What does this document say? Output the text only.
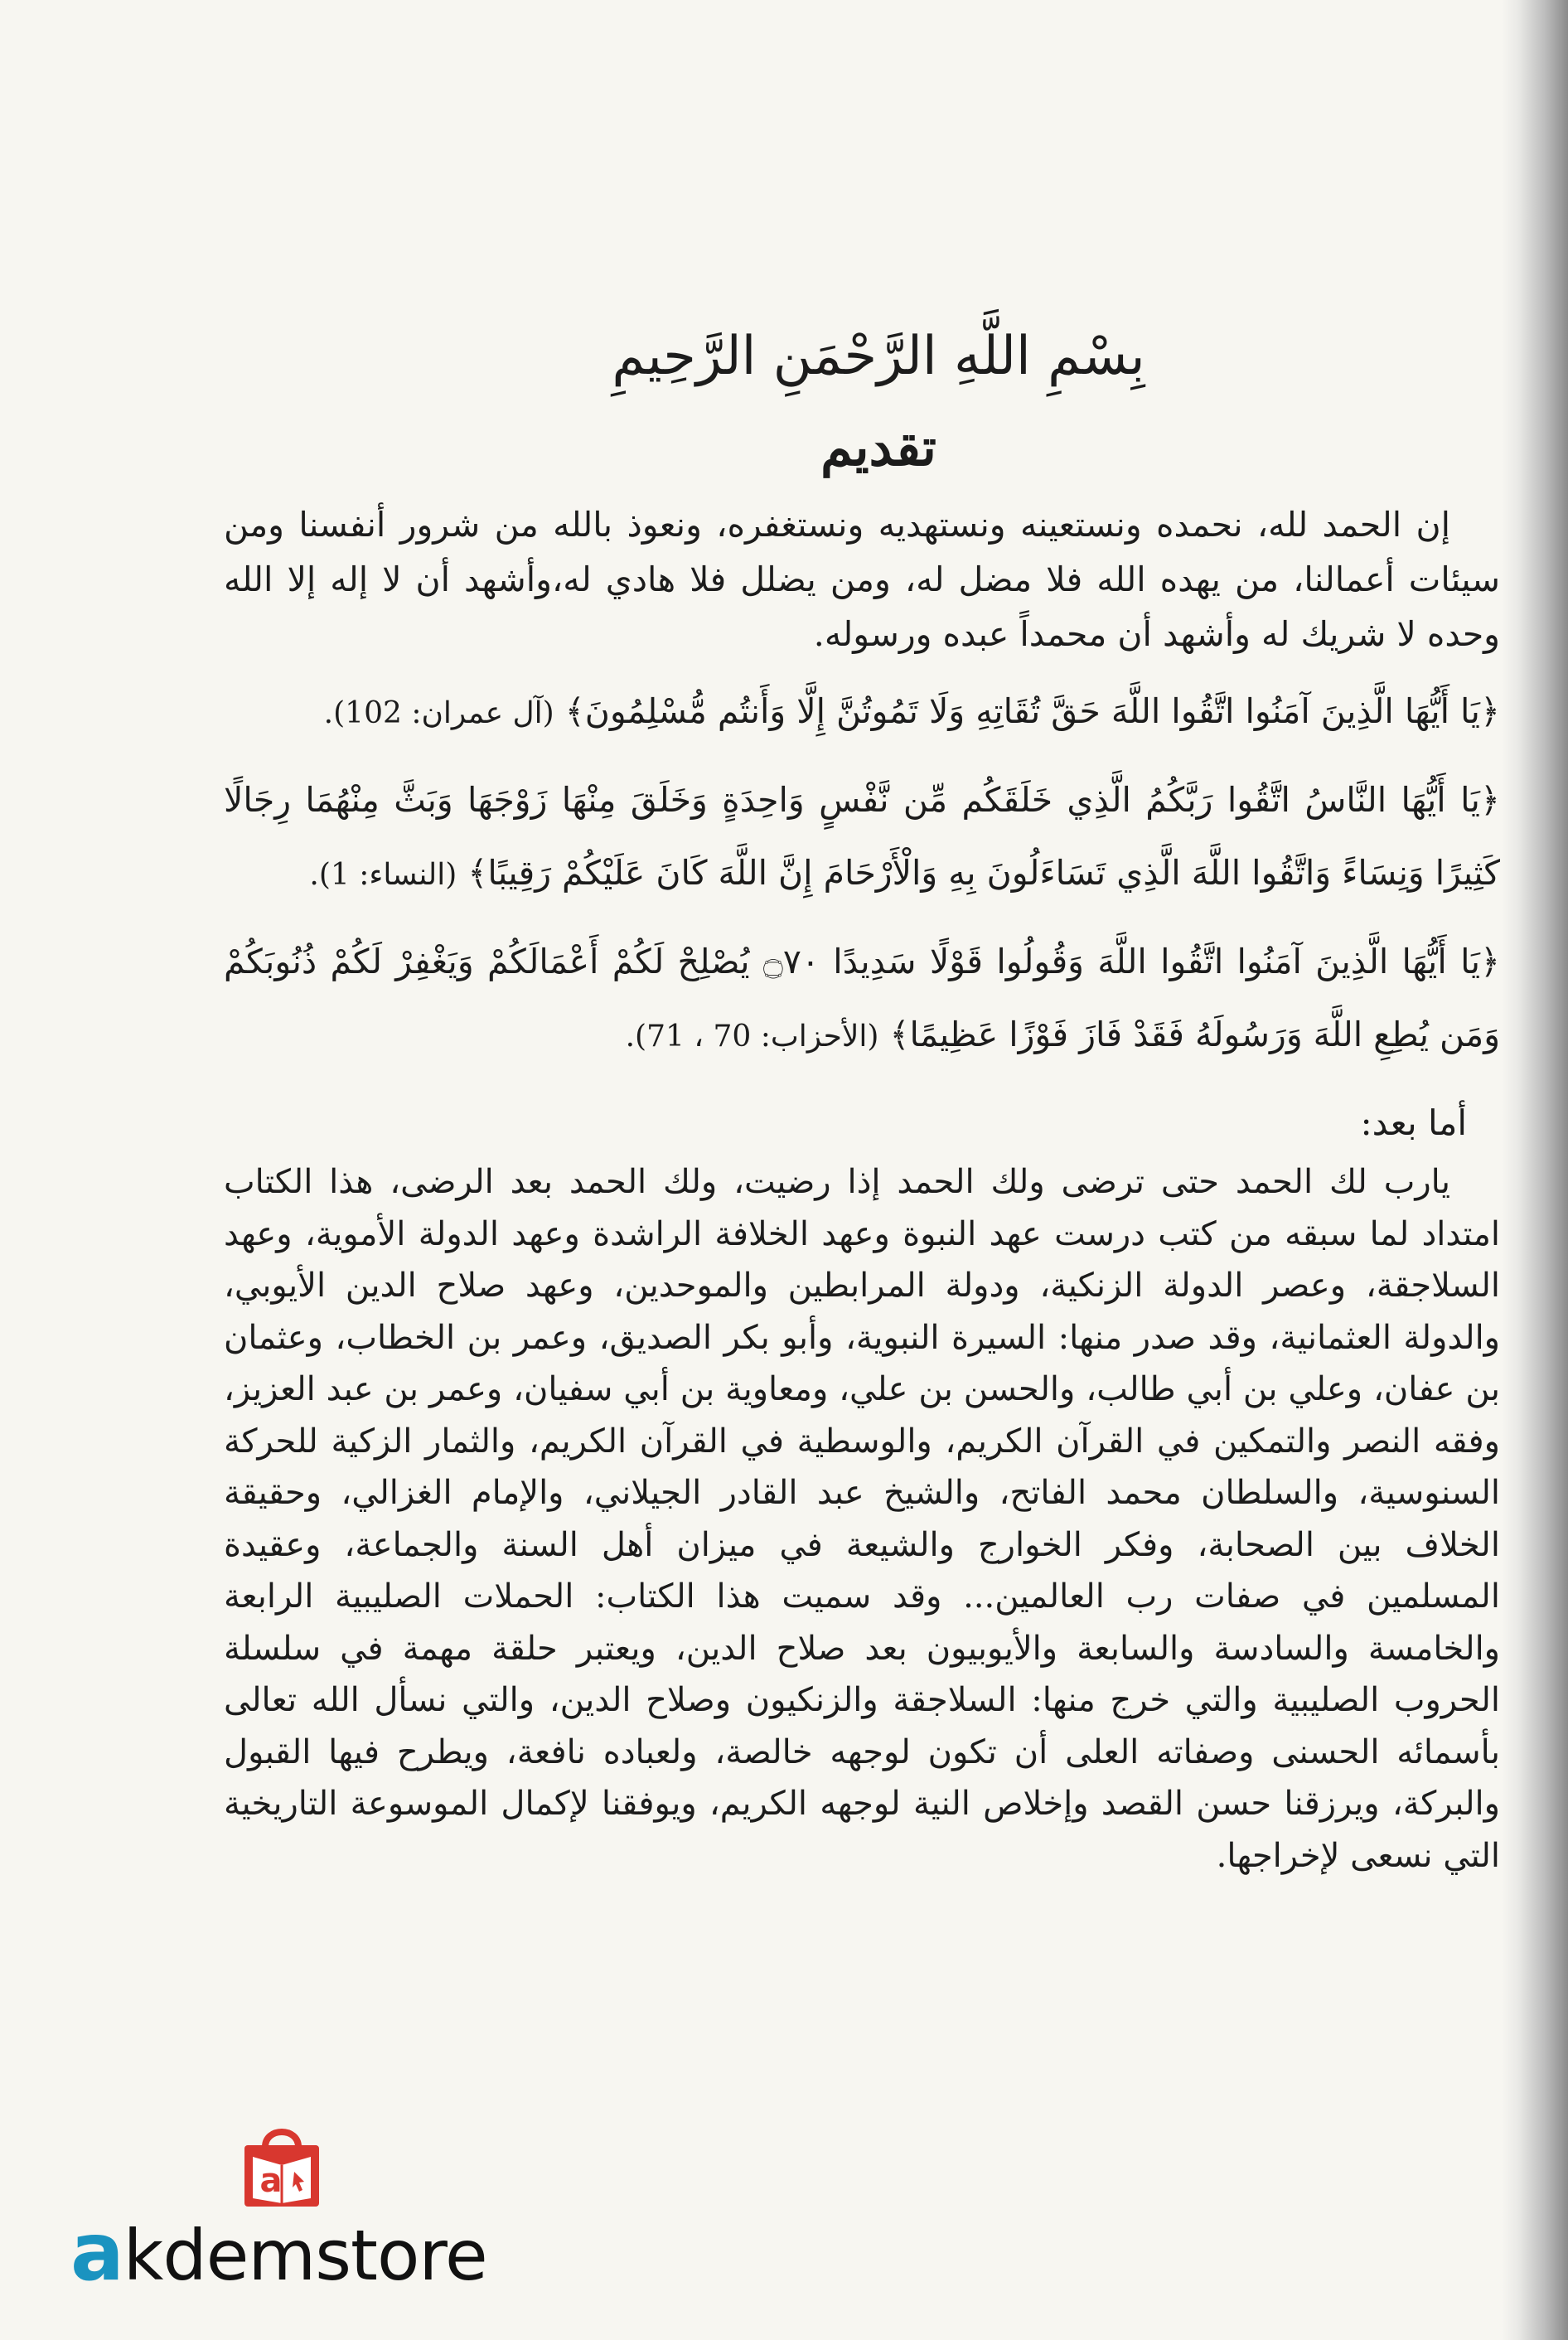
بِسْمِ اللَّهِ الرَّحْمَنِ الرَّحِيمِ
تقديم

إن الحمد لله، نحمده ونستعينه ونستهديه ونستغفره، ونعوذ بالله من شرور أنفسنا ومن سيئات أعمالنا، من يهده الله فلا مضل له، ومن يضلل فلا هادي له،وأشهد أن لا إله إلا الله وحده لا شريك له وأشهد أن محمداً عبده ورسوله.

﴿يَا أَيُّهَا الَّذِينَ آمَنُوا اتَّقُوا اللَّهَ حَقَّ تُقَاتِهِ وَلَا تَمُوتُنَّ إِلَّا وَأَنتُم مُّسْلِمُونَ﴾ (آل عمران: 102).

﴿يَا أَيُّهَا النَّاسُ اتَّقُوا رَبَّكُمُ الَّذِي خَلَقَكُم مِّن نَّفْسٍ وَاحِدَةٍ وَخَلَقَ مِنْهَا زَوْجَهَا وَبَثَّ مِنْهُمَا رِجَالًا كَثِيرًا وَنِسَاءً وَاتَّقُوا اللَّهَ الَّذِي تَسَاءَلُونَ بِهِ وَالْأَرْحَامَ إِنَّ اللَّهَ كَانَ عَلَيْكُمْ رَقِيبًا﴾ (النساء: 1).

﴿يَا أَيُّهَا الَّذِينَ آمَنُوا اتَّقُوا اللَّهَ وَقُولُوا قَوْلًا سَدِيدًا ۝٧٠ يُصْلِحْ لَكُمْ أَعْمَالَكُمْ وَيَغْفِرْ لَكُمْ ذُنُوبَكُمْ وَمَن يُطِعِ اللَّهَ وَرَسُولَهُ فَقَدْ فَازَ فَوْزًا عَظِيمًا﴾ (الأحزاب: 70 ، 71).

أما بعد:

يارب لك الحمد حتى ترضى ولك الحمد إذا رضيت، ولك الحمد بعد الرضى، هذا الكتاب امتداد لما سبقه من كتب درست عهد النبوة وعهد الخلافة الراشدة وعهد الدولة الأموية، وعهد السلاجقة، وعصر الدولة الزنكية، ودولة المرابطين والموحدين، وعهد صلاح الدين الأيوبي، والدولة العثمانية، وقد صدر منها: السيرة النبوية، وأبو بكر الصديق، وعمر بن الخطاب، وعثمان بن عفان، وعلي بن أبي طالب، والحسن بن علي، ومعاوية بن أبي سفيان، وعمر بن عبد العزيز، وفقه النصر والتمكين في القرآن الكريم، والوسطية في القرآن الكريم، والثمار الزكية للحركة السنوسية، والسلطان محمد الفاتح، والشيخ عبد القادر الجيلاني، والإمام الغزالي، وحقيقة الخلاف بين الصحابة، وفكر الخوارج والشيعة في ميزان أهل السنة والجماعة، وعقيدة المسلمين في صفات رب العالمين... وقد سميت هذا الكتاب: الحملات الصليبية الرابعة والخامسة والسادسة والسابعة والأيوبيون بعد صلاح الدين، ويعتبر حلقة مهمة في سلسلة الحروب الصليبية والتي خرج منها: السلاجقة والزنكيون وصلاح الدين، والتي نسأل الله تعالى بأسمائه الحسنى وصفاته العلى أن تكون لوجهه خالصة، ولعباده نافعة، ويطرح فيها القبول والبركة، ويرزقنا حسن القصد وإخلاص النية لوجهه الكريم، ويوفقنا لإكمال الموسوعة التاريخية التي نسعى لإخراجها.

a
akdemstore
